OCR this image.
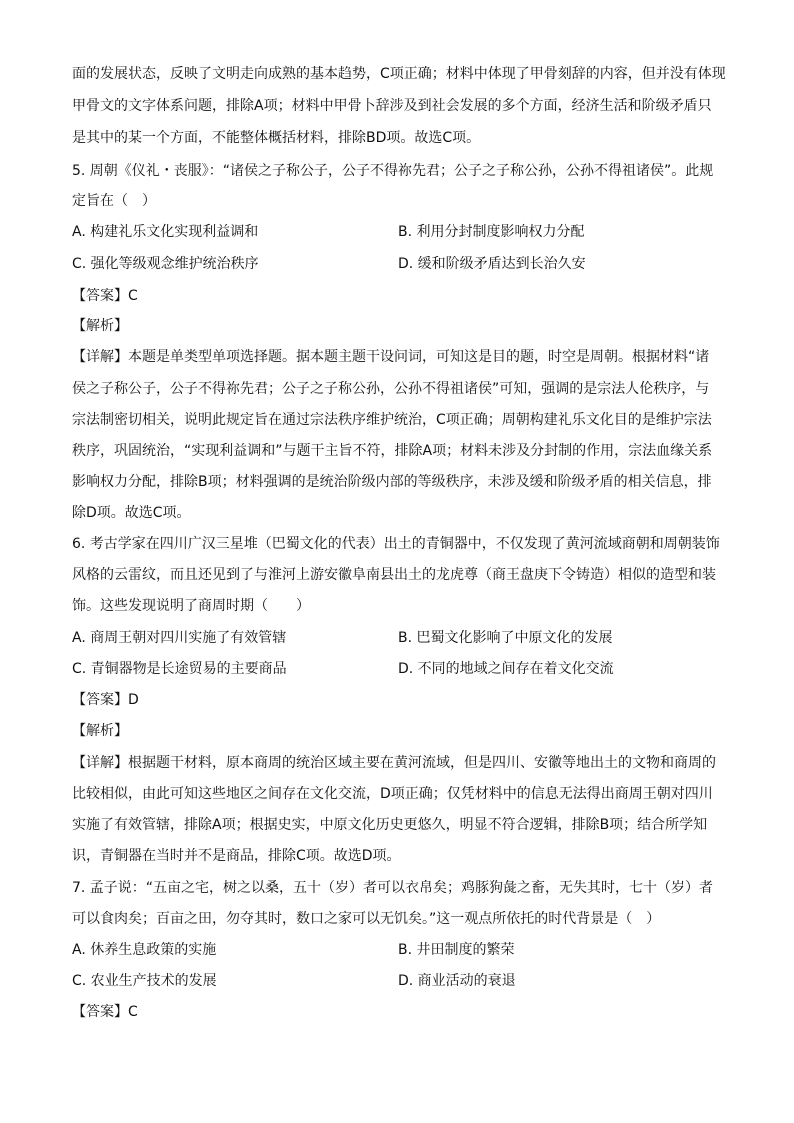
面的发展状态，反映了文明走向成熟的基本趋势，C项正确；材料中体现了甲骨刻辞的内容，但并没有体现
甲骨文的文字体系问题，排除A项；材料中甲骨卜辞涉及到社会发展的多个方面，经济生活和阶级矛盾只
是其中的某一个方面，不能整体概括材料，排除BD项。故选C项。
5. 周朝《仪礼・丧服》：“诸侯之子称公子，公子不得祢先君；公子之子称公孙，公孙不得祖诸侯”。此规
定旨在（　）
A. 构建礼乐文化实现利益调和	B. 利用分封制度影响权力分配
C. 强化等级观念维护统治秩序	D. 缓和阶级矛盾达到长治久安
【答案】C
【解析】
【详解】本题是单类型单项选择题。据本题主题干设问词，可知这是目的题，时空是周朝。根据材料“诸
侯之子称公子，公子不得祢先君；公子之子称公孙，公孙不得祖诸侯”可知，强调的是宗法人伦秩序，与
宗法制密切相关，说明此规定旨在通过宗法秩序维护统治，C项正确；周朝构建礼乐文化目的是维护宗法
秩序，巩固统治，“实现利益调和”与题干主旨不符，排除A项；材料未涉及分封制的作用，宗法血缘关系
影响权力分配，排除B项；材料强调的是统治阶级内部的等级秩序，未涉及缓和阶级矛盾的相关信息，排
除D项。故选C项。
6. 考古学家在四川广汉三星堆（巴蜀文化的代表）出土的青铜器中，不仅发现了黄河流域商朝和周朝装饰
风格的云雷纹，而且还见到了与淮河上游安徽阜南县出土的龙虎尊（商王盘庚下令铸造）相似的造型和装
饰。这些发现说明了商周时期（　　）
A. 商周王朝对四川实施了有效管辖	B. 巴蜀文化影响了中原文化的发展
C. 青铜器物是长途贸易的主要商品	D. 不同的地域之间存在着文化交流
【答案】D
【解析】
【详解】根据题干材料，原本商周的统治区域主要在黄河流域，但是四川、安徽等地出土的文物和商周的
比较相似，由此可知这些地区之间存在文化交流，D项正确；仅凭材料中的信息无法得出商周王朝对四川
实施了有效管辖，排除A项；根据史实，中原文化历史更悠久，明显不符合逻辑，排除B项；结合所学知
识，青铜器在当时并不是商品，排除C项。故选D项。
7. 孟子说：“五亩之宅，树之以桑，五十（岁）者可以衣帛矣；鸡豚狗彘之畜，无失其时，七十（岁）者
可以食肉矣；百亩之田，勿夺其时，数口之家可以无饥矣。”这一观点所依托的时代背景是（　）
A. 休养生息政策的实施	B. 井田制度的繁荣
C. 农业生产技术的发展	D. 商业活动的衰退
【答案】C
